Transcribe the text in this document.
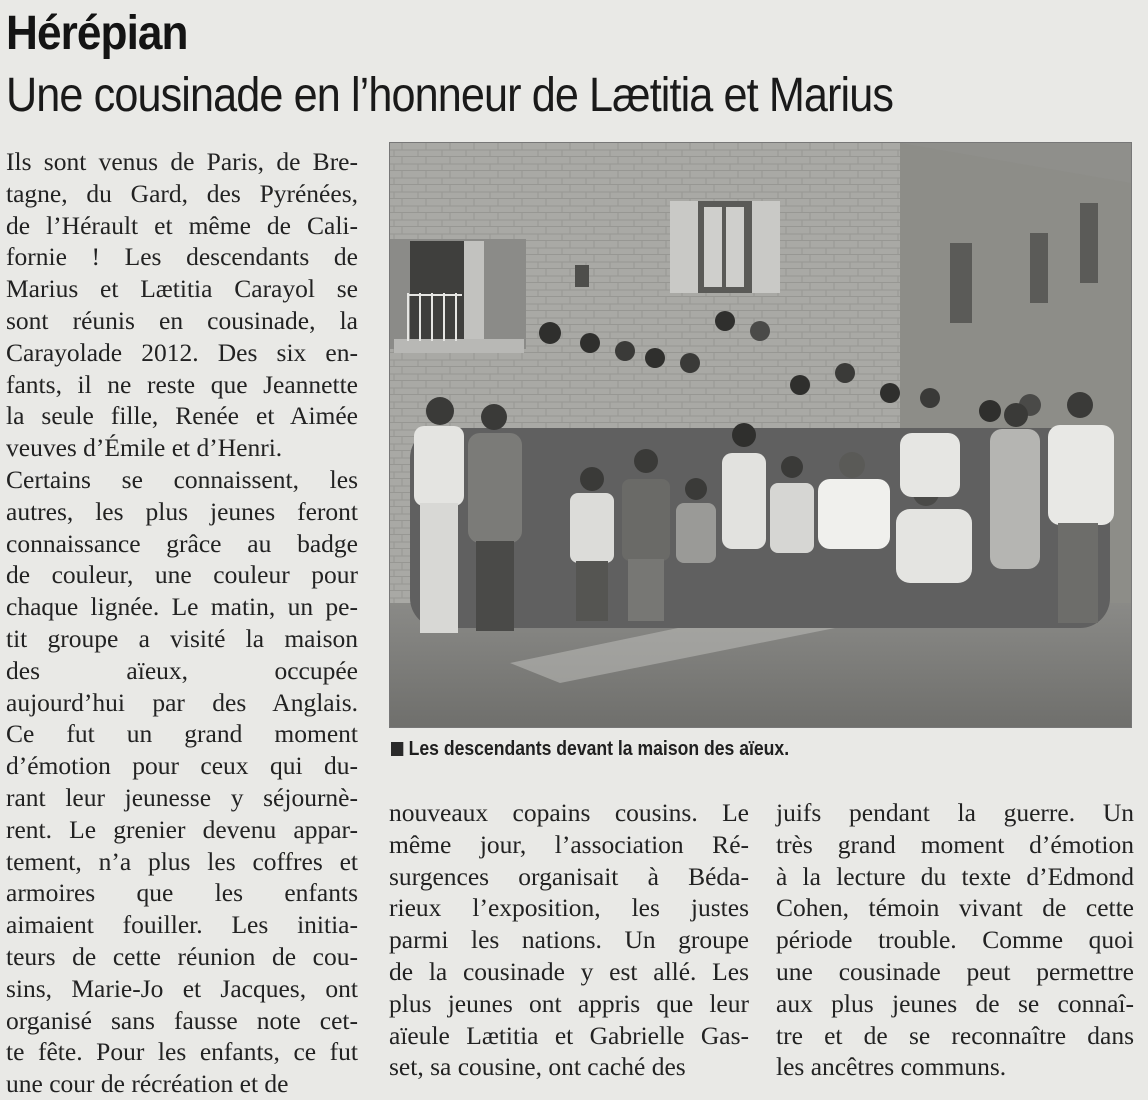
Hérépian
Une cousinade en l’honneur de Lætitia et Marius
Ils sont venus de Paris, de Bre-
tagne, du Gard, des Pyrénées,
de l’Hérault et même de Cali-
fornie ! Les descendants de
Marius et Lætitia Carayol se
sont réunis en cousinade, la
Carayolade 2012. Des six en-
fants, il ne reste que Jeannette
la seule fille, Renée et Aimée
veuves d’Émile et d’Henri.
Certains se connaissent, les
autres, les plus jeunes feront
connaissance grâce au badge
de couleur, une couleur pour
chaque lignée. Le matin, un pe-
tit groupe a visité la maison
des aïeux, occupée
aujourd’hui par des Anglais.
Ce fut un grand moment
d’émotion pour ceux qui du-
rant leur jeunesse y séjournè-
rent. Le grenier devenu appar-
tement, n’a plus les coffres et
armoires que les enfants
aimaient fouiller. Les initia-
teurs de cette réunion de cou-
sins, Marie-Jo et Jacques, ont
organisé sans fausse note cet-
te fête. Pour les enfants, ce fut
une cour de récréation et de
Les descendants devant la maison des aïeux.
nouveaux copains cousins. Le
même jour, l’association Ré-
surgences organisait à Béda-
rieux l’exposition, les justes
parmi les nations. Un groupe
de la cousinade y est allé. Les
plus jeunes ont appris que leur
aïeule Lætitia et Gabrielle Gas-
set, sa cousine, ont caché des
juifs pendant la guerre. Un
très grand moment d’émotion
à la lecture du texte d’Edmond
Cohen, témoin vivant de cette
période trouble. Comme quoi
une cousinade peut permettre
aux plus jeunes de se connaî-
tre et de se reconnaître dans
les ancêtres communs.
